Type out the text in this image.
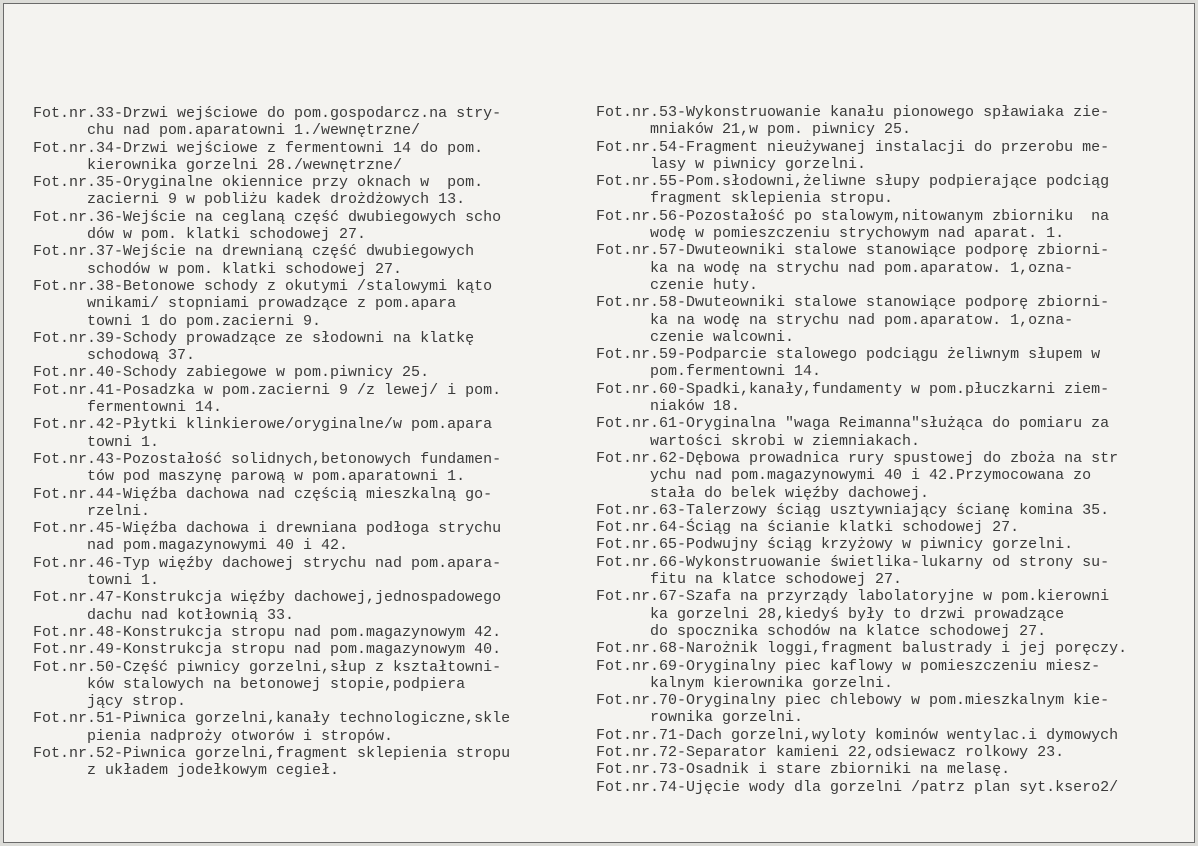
Fot.nr.33-Drzwi wejściowe do pom.gospodarcz.na stry-
chu nad pom.aparatowni 1./wewnętrzne/
Fot.nr.34-Drzwi wejściowe z fermentowni 14 do pom.
kierownika gorzelni 28./wewnętrzne/
Fot.nr.35-Oryginalne okiennice przy oknach w  pom.
zacierni 9 w pobliżu kadek drożdżowych 13.
Fot.nr.36-Wejście na ceglaną część dwubiegowych scho
dów w pom. klatki schodowej 27.
Fot.nr.37-Wejście na drewnianą część dwubiegowych
schodów w pom. klatki schodowej 27.
Fot.nr.38-Betonowe schody z okutymi /stalowymi kąto
wnikami/ stopniami prowadzące z pom.apara
towni 1 do pom.zacierni 9.
Fot.nr.39-Schody prowadzące ze słodowni na klatkę
schodową 37.
Fot.nr.40-Schody zabiegowe w pom.piwnicy 25.
Fot.nr.41-Posadzka w pom.zacierni 9 /z lewej/ i pom.
fermentowni 14.
Fot.nr.42-Płytki klinkierowe/oryginalne/w pom.apara
towni 1.
Fot.nr.43-Pozostałość solidnych,betonowych fundamen-
tów pod maszynę parową w pom.aparatowni 1.
Fot.nr.44-Więźba dachowa nad częścią mieszkalną go-
rzelni.
Fot.nr.45-Więźba dachowa i drewniana podłoga strychu
nad pom.magazynowymi 40 i 42.
Fot.nr.46-Typ więźby dachowej strychu nad pom.apara-
towni 1.
Fot.nr.47-Konstrukcja więźby dachowej,jednospadowego
dachu nad kotłownią 33.
Fot.nr.48-Konstrukcja stropu nad pom.magazynowym 42.
Fot.nr.49-Konstrukcja stropu nad pom.magazynowym 40.
Fot.nr.50-Część piwnicy gorzelni,słup z kształtowni-
ków stalowych na betonowej stopie,podpiera
jący strop.
Fot.nr.51-Piwnica gorzelni,kanały technologiczne,skle
pienia nadproży otworów i stropów.
Fot.nr.52-Piwnica gorzelni,fragment sklepienia stropu
z układem jodełkowym cegieł.
Fot.nr.53-Wykonstruowanie kanału pionowego spławiaka zie-
mniaków 21,w pom. piwnicy 25.
Fot.nr.54-Fragment nieużywanej instalacji do przerobu me-
lasy w piwnicy gorzelni.
Fot.nr.55-Pom.słodowni,żeliwne słupy podpierające podciąg
fragment sklepienia stropu.
Fot.nr.56-Pozostałość po stalowym,nitowanym zbiorniku  na
wodę w pomieszczeniu strychowym nad aparat. 1.
Fot.nr.57-Dwuteowniki stalowe stanowiące podporę zbiorni-
ka na wodę na strychu nad pom.aparatow. 1,ozna-
czenie huty.
Fot.nr.58-Dwuteowniki stalowe stanowiące podporę zbiorni-
ka na wodę na strychu nad pom.aparatow. 1,ozna-
czenie walcowni.
Fot.nr.59-Podparcie stalowego podciągu żeliwnym słupem w
pom.fermentowni 14.
Fot.nr.60-Spadki,kanały,fundamenty w pom.płuczkarni ziem-
niaków 18.
Fot.nr.61-Oryginalna "waga Reimanna"służąca do pomiaru za
wartości skrobi w ziemniakach.
Fot.nr.62-Dębowa prowadnica rury spustowej do zboża na str
ychu nad pom.magazynowymi 40 i 42.Przymocowana zo
stała do belek więźby dachowej.
Fot.nr.63-Talerzowy ściąg usztywniający ścianę komina 35.
Fot.nr.64-Ściąg na ścianie klatki schodowej 27.
Fot.nr.65-Podwujny ściąg krzyżowy w piwnicy gorzelni.
Fot.nr.66-Wykonstruowanie świetlika-lukarny od strony su-
fitu na klatce schodowej 27.
Fot.nr.67-Szafa na przyrządy labolatoryjne w pom.kierowni
ka gorzelni 28,kiedyś były to drzwi prowadzące
do spocznika schodów na klatce schodowej 27.
Fot.nr.68-Narożnik loggi,fragment balustrady i jej poręczy.
Fot.nr.69-Oryginalny piec kaflowy w pomieszczeniu miesz-
kalnym kierownika gorzelni.
Fot.nr.70-Oryginalny piec chlebowy w pom.mieszkalnym kie-
rownika gorzelni.
Fot.nr.71-Dach gorzelni,wyloty kominów wentylac.i dymowych
Fot.nr.72-Separator kamieni 22,odsiewacz rolkowy 23.
Fot.nr.73-Osadnik i stare zbiorniki na melasę.
Fot.nr.74-Ujęcie wody dla gorzelni /patrz plan syt.ksero2/
